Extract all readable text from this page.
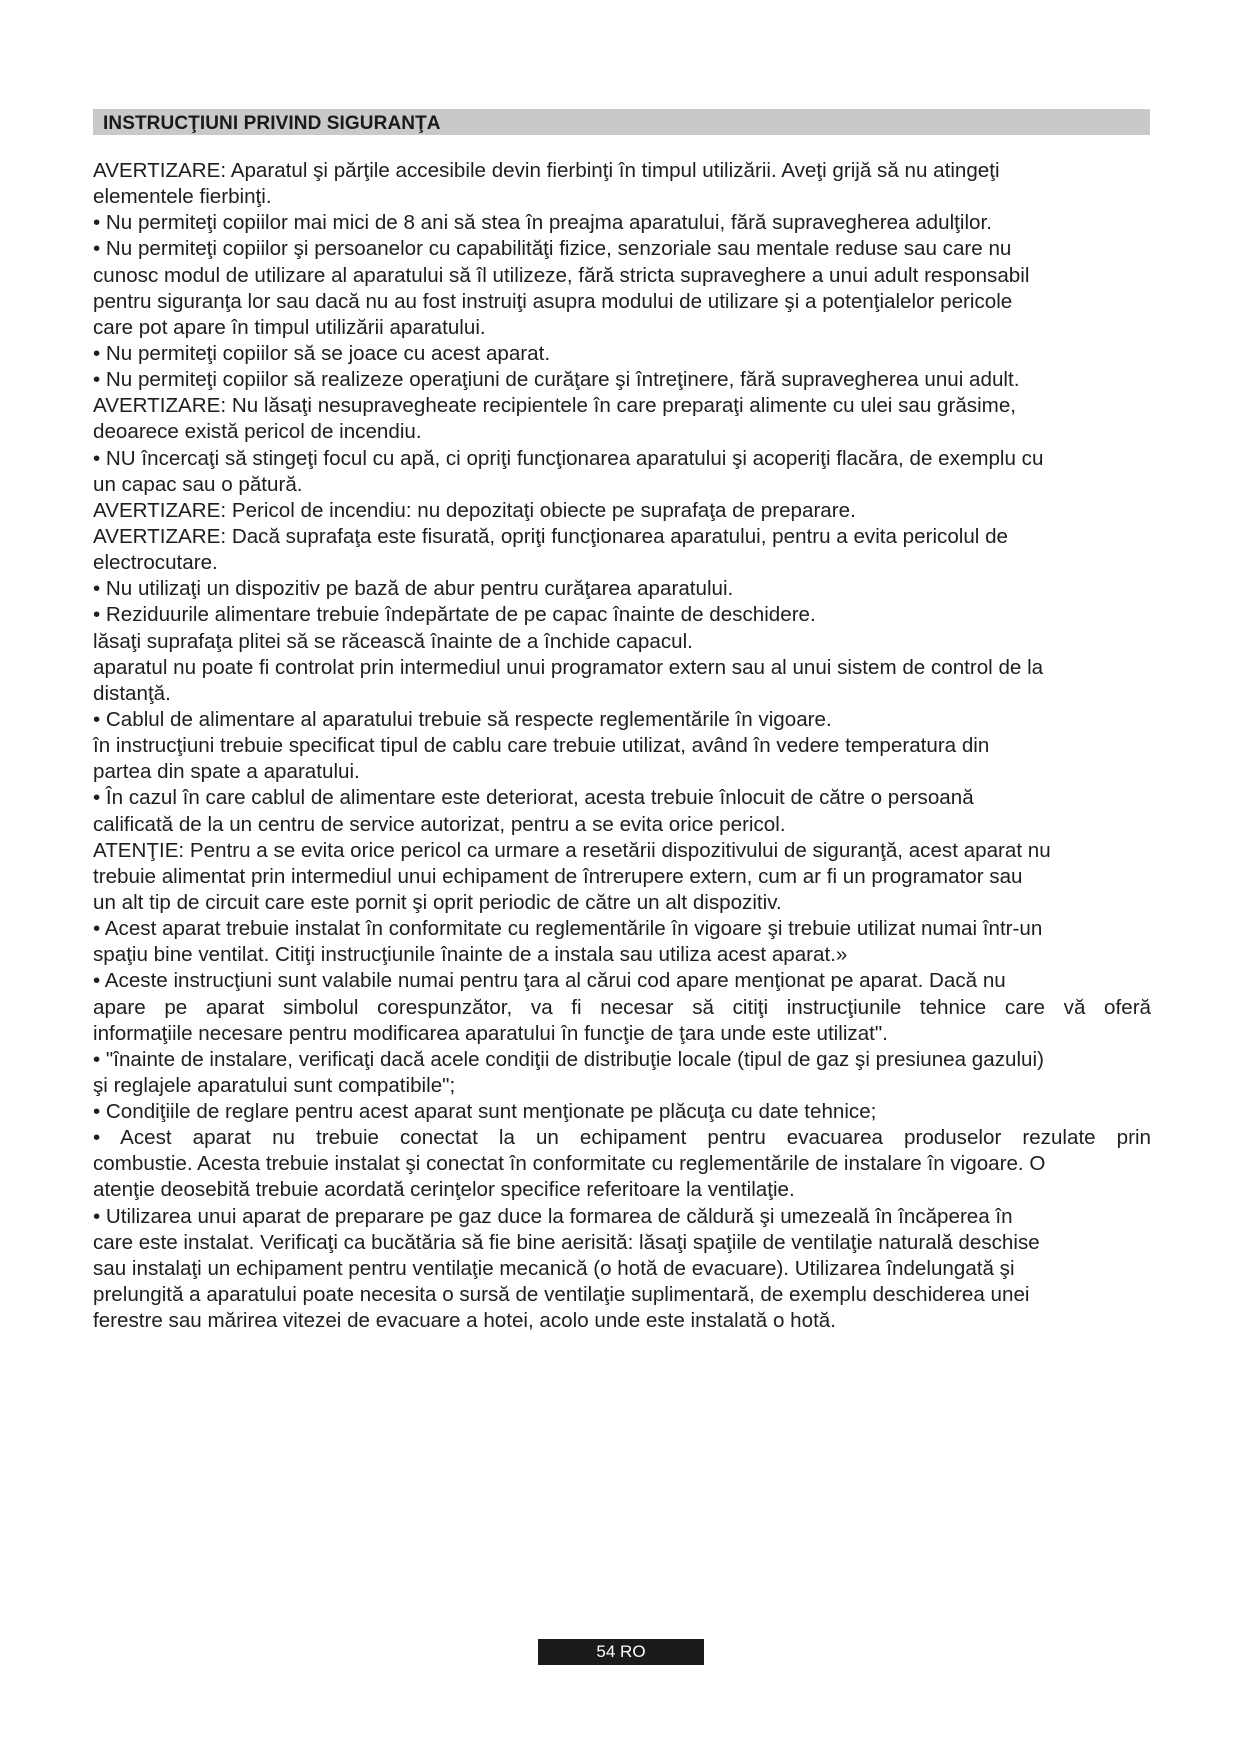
INSTRUCŢIUNI PRIVIND SIGURANŢA
AVERTIZARE: Aparatul şi părţile accesibile devin fierbinţi în timpul utilizării. Aveţi grijă să nu atingeţi
elementele fierbinţi.
• Nu permiteţi copiilor mai mici de 8 ani să stea în preajma aparatului, fără supravegherea adulţilor.
• Nu permiteţi copiilor şi persoanelor cu capabilităţi fizice, senzoriale sau mentale reduse sau care nu
cunosc modul de utilizare al aparatului să îl utilizeze, fără stricta supraveghere a unui adult responsabil
pentru siguranţa lor sau dacă nu au fost instruiţi asupra modului de utilizare şi a potenţialelor pericole
care pot apare în timpul utilizării aparatului.
• Nu permiteţi copiilor să se joace cu acest aparat.
• Nu permiteţi copiilor să realizeze operaţiuni de curăţare şi întreţinere, fără supravegherea unui adult.
AVERTIZARE: Nu lăsaţi nesupravegheate recipientele în care preparaţi alimente cu ulei sau grăsime,
deoarece există pericol de incendiu.
• NU încercaţi să stingeţi focul cu apă, ci opriţi funcţionarea aparatului şi acoperiţi flacăra, de exemplu cu
un capac sau o pătură.
AVERTIZARE: Pericol de incendiu: nu depozitaţi obiecte pe suprafaţa de preparare.
AVERTIZARE: Dacă suprafaţa este fisurată, opriţi funcţionarea aparatului, pentru a evita pericolul de
electrocutare.
• Nu utilizaţi un dispozitiv pe bază de abur pentru curăţarea aparatului.
• Reziduurile alimentare trebuie îndepărtate de pe capac înainte de deschidere.
lăsaţi suprafaţa plitei să se răcească înainte de a închide capacul.
aparatul nu poate fi controlat prin intermediul unui programator extern sau al unui sistem de control de la
distanţă.
• Cablul de alimentare al aparatului trebuie să respecte reglementările în vigoare.
în instrucţiuni trebuie specificat tipul de cablu care trebuie utilizat, având în vedere temperatura din
partea din spate a aparatului.
• În cazul în care cablul de alimentare este deteriorat, acesta trebuie înlocuit de către o persoană
calificată de la un centru de service autorizat, pentru a se evita orice pericol.
ATENŢIE: Pentru a se evita orice pericol ca urmare a resetării dispozitivului de siguranţă, acest aparat nu
trebuie alimentat prin intermediul unui echipament de întrerupere extern, cum ar fi un programator sau
un alt tip de circuit care este pornit şi oprit periodic de către un alt dispozitiv.
• Acest aparat trebuie instalat în conformitate cu reglementările în vigoare şi trebuie utilizat numai într-un
spaţiu bine ventilat. Citiţi instrucţiunile înainte de a instala sau utiliza acest aparat.»
• Aceste instrucţiuni sunt valabile numai pentru ţara al cărui cod apare menţionat pe aparat. Dacă nu
apare pe aparat simbolul corespunzător, va fi necesar să citiţi instrucţiunile tehnice care vă oferă
informaţiile necesare pentru modificarea aparatului în funcţie de ţara unde este utilizat".
• "înainte de instalare, verificaţi dacă acele condiţii de distribuţie locale (tipul de gaz şi presiunea gazului)
şi reglajele aparatului sunt compatibile";
• Condiţiile de reglare pentru acest aparat sunt menţionate pe plăcuţa cu date tehnice;
• Acest aparat nu trebuie conectat la un echipament pentru evacuarea produselor rezulate prin
combustie. Acesta trebuie instalat şi conectat în conformitate cu reglementările de instalare în vigoare. O
atenţie deosebită trebuie acordată cerinţelor specifice referitoare la ventilaţie.
• Utilizarea unui aparat de preparare pe gaz duce la formarea de căldură şi umezeală în încăperea în
care este instalat. Verificaţi ca bucătăria să fie bine aerisită: lăsaţi spaţiile de ventilaţie naturală deschise
sau instalaţi un echipament pentru ventilaţie mecanică (o hotă de evacuare). Utilizarea îndelungată şi
prelungită a aparatului poate necesita o sursă de ventilaţie suplimentară, de exemplu deschiderea unei
ferestre sau mărirea vitezei de evacuare a hotei, acolo unde este instalată o hotă.
54 RO
